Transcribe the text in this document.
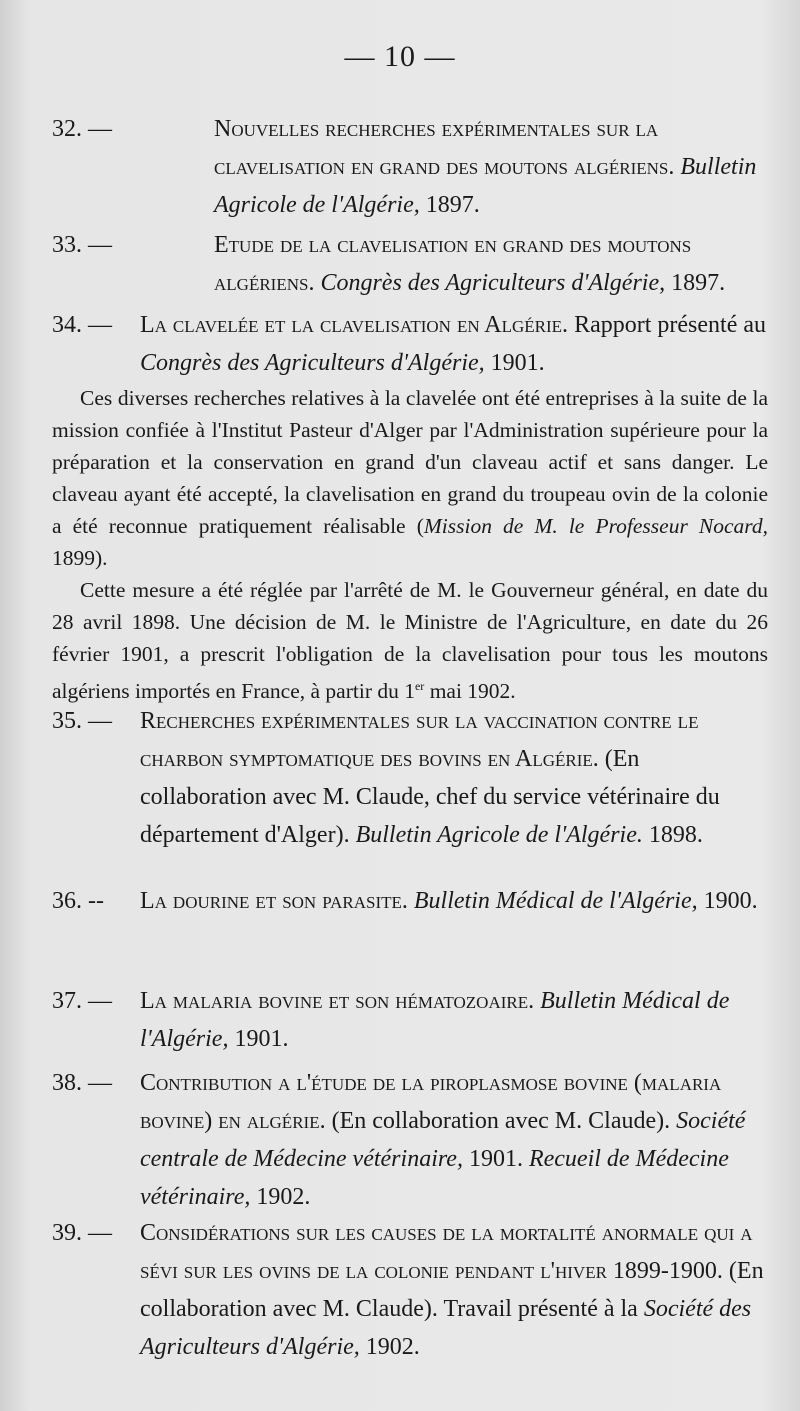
— 10 —
32. —	Nouvelles recherches expérimentales sur la clavelisation en grand des moutons algériens. Bulletin Agricole de l'Algérie, 1897.
33. —	Etude de la clavelisation en grand des moutons algériens. Congrès des Agriculteurs d'Algérie, 1897.
34. — La clavelée et la clavelisation en Algérie. Rapport présenté au Congrès des Agriculteurs d'Algérie, 1901.

Ces diverses recherches relatives à la clavelée ont été entreprises à la suite de la mission confiée à l'Institut Pasteur d'Alger par l'Administration supérieure pour la préparation et la conservation en grand d'un claveau actif et sans danger. Le claveau ayant été accepté, la clavelisation en grand du troupeau ovin de la colonie a été reconnue pratiquement réalisable (Mission de M. le Professeur Nocard, 1899).

Cette mesure a été réglée par l'arrêté de M. le Gouverneur général, en date du 28 avril 1898. Une décision de M. le Ministre de l'Agriculture, en date du 26 février 1901, a prescrit l'obligation de la clavelisation pour tous les moutons algériens importés en France, à partir du 1er mai 1902.

35. — Recherches expérimentales sur la vaccination contre le charbon symptomatique des bovins en Algérie. (En collaboration avec M. Claude, chef du service vétérinaire du département d'Alger). Bulletin Agricole de l'Algérie. 1898.
36. -- La dourine et son parasite. Bulletin Médical de l'Algérie, 1900.
37. — La malaria bovine et son hématozoaire. Bulletin Médical de l'Algérie, 1901.
38. — Contribution a l'étude de la piroplasmose bovine (malaria bovine) en algérie. (En collaboration avec M. Claude). Société centrale de Médecine vétérinaire, 1901. Recueil de Médecine vétérinaire, 1902.
39. — Considérations sur les causes de la mortalité anormale qui a sévi sur les ovins de la colonie pendant l'hiver 1899-1900. (En collaboration avec M. Claude). Travail présenté à la Société des Agriculteurs d'Algérie, 1902.
